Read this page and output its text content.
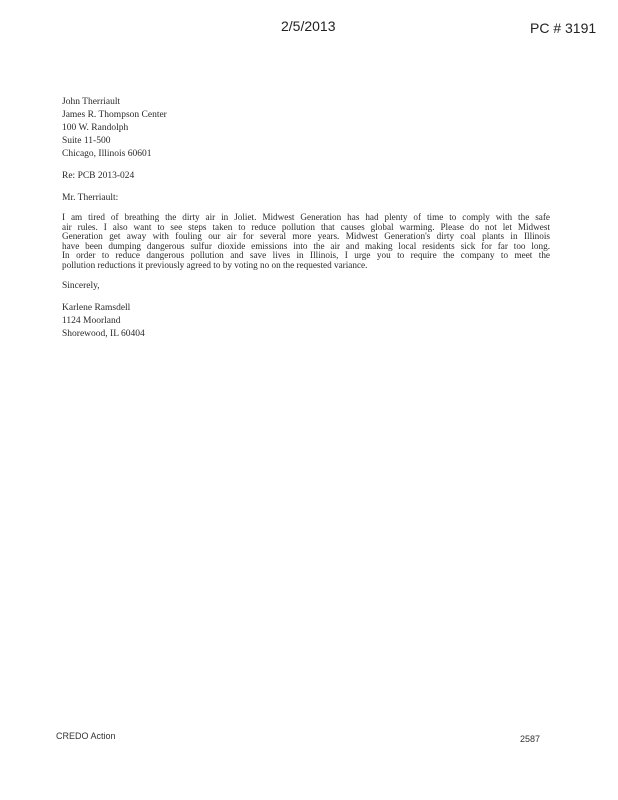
2/5/2013	PC # 3191
John Therriault
James R. Thompson Center
100 W. Randolph
Suite 11-500
Chicago, Illinois 60601
Re: PCB 2013-024
Mr. Therriault:
I am tired of breathing the dirty air in Joliet. Midwest Generation has had plenty of time to comply with the safe
air rules. I also want to see steps taken to reduce pollution that causes global warming. Please do not let Midwest
Generation get away with fouling our air for several more years. Midwest Generation's dirty coal plants in Illinois
have been dumping dangerous sulfur dioxide emissions into the air and making local residents sick for far too long.
In order to reduce dangerous pollution and save lives in Illinois, I urge you to require the company to meet the
pollution reductions it previously agreed to by voting no on the requested variance.
Sincerely,
Karlene Ramsdell
1124 Moorland
Shorewood, IL 60404
CREDO Action	2587
